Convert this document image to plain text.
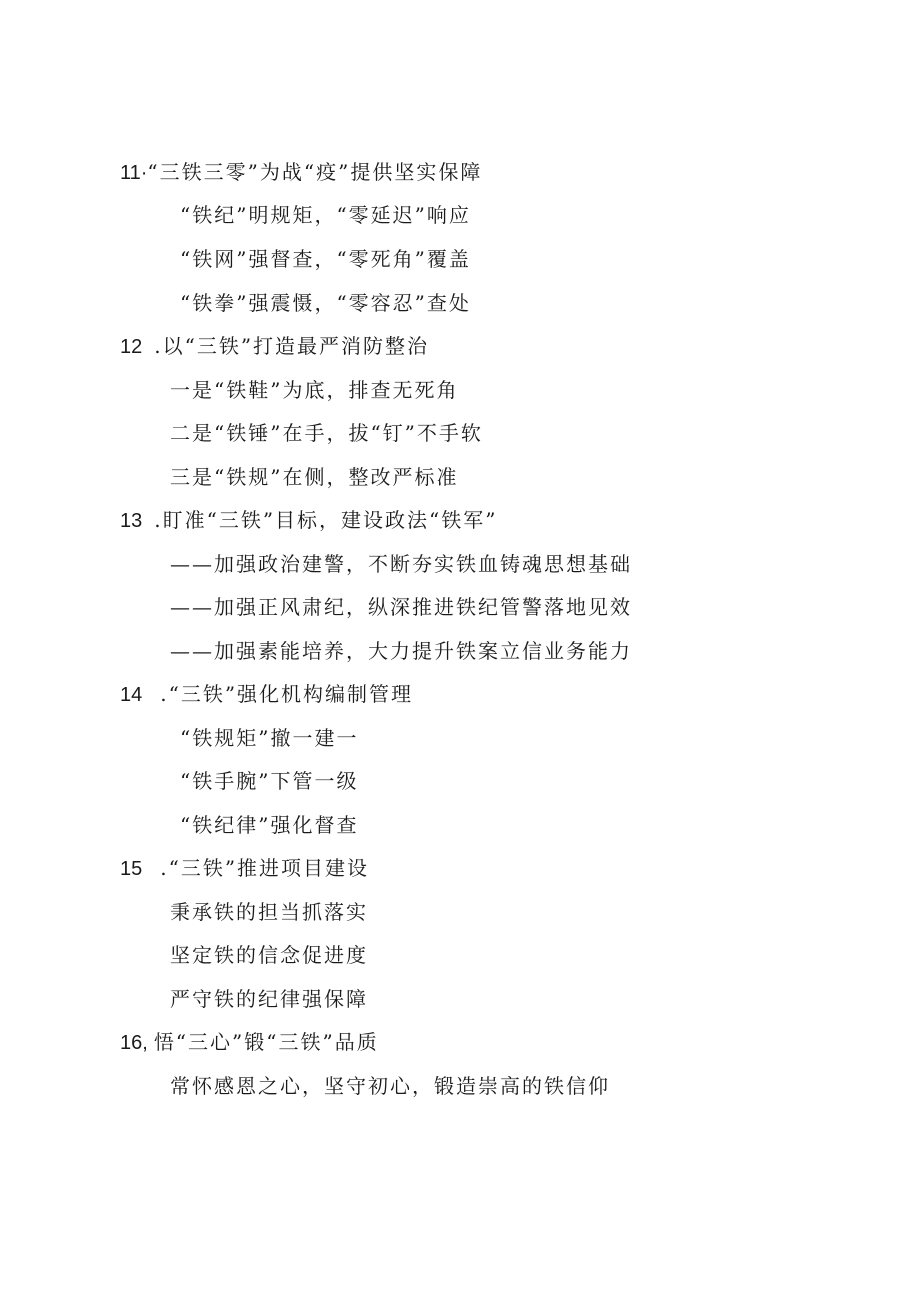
11·“三铁三零”为战“疫”提供坚实保障
“铁纪”明规矩，“零延迟”响应
“铁网”强督查，“零死角”覆盖
“铁拳”强震慑，“零容忍”查处
12 .以“三铁”打造最严消防整治
一是“铁鞋”为底，排查无死角
二是“铁锤”在手，拔“钉”不手软
三是“铁规”在侧，整改严标准
13 .盯准“三铁”目标，建设政法“铁军”
——加强政治建警，不断夯实铁血铸魂思想基础
——加强正风肃纪，纵深推进铁纪管警落地见效
——加强素能培养，大力提升铁案立信业务能力
14 .“三铁”强化机构编制管理
“铁规矩”撤一建一
“铁手腕”下管一级
“铁纪律”强化督查
15 .“三铁”推进项目建设
秉承铁的担当抓落实
坚定铁的信念促进度
严守铁的纪律强保障
16, 悟“三心”锻“三铁”品质
常怀感恩之心，坚守初心，锻造崇高的铁信仰
